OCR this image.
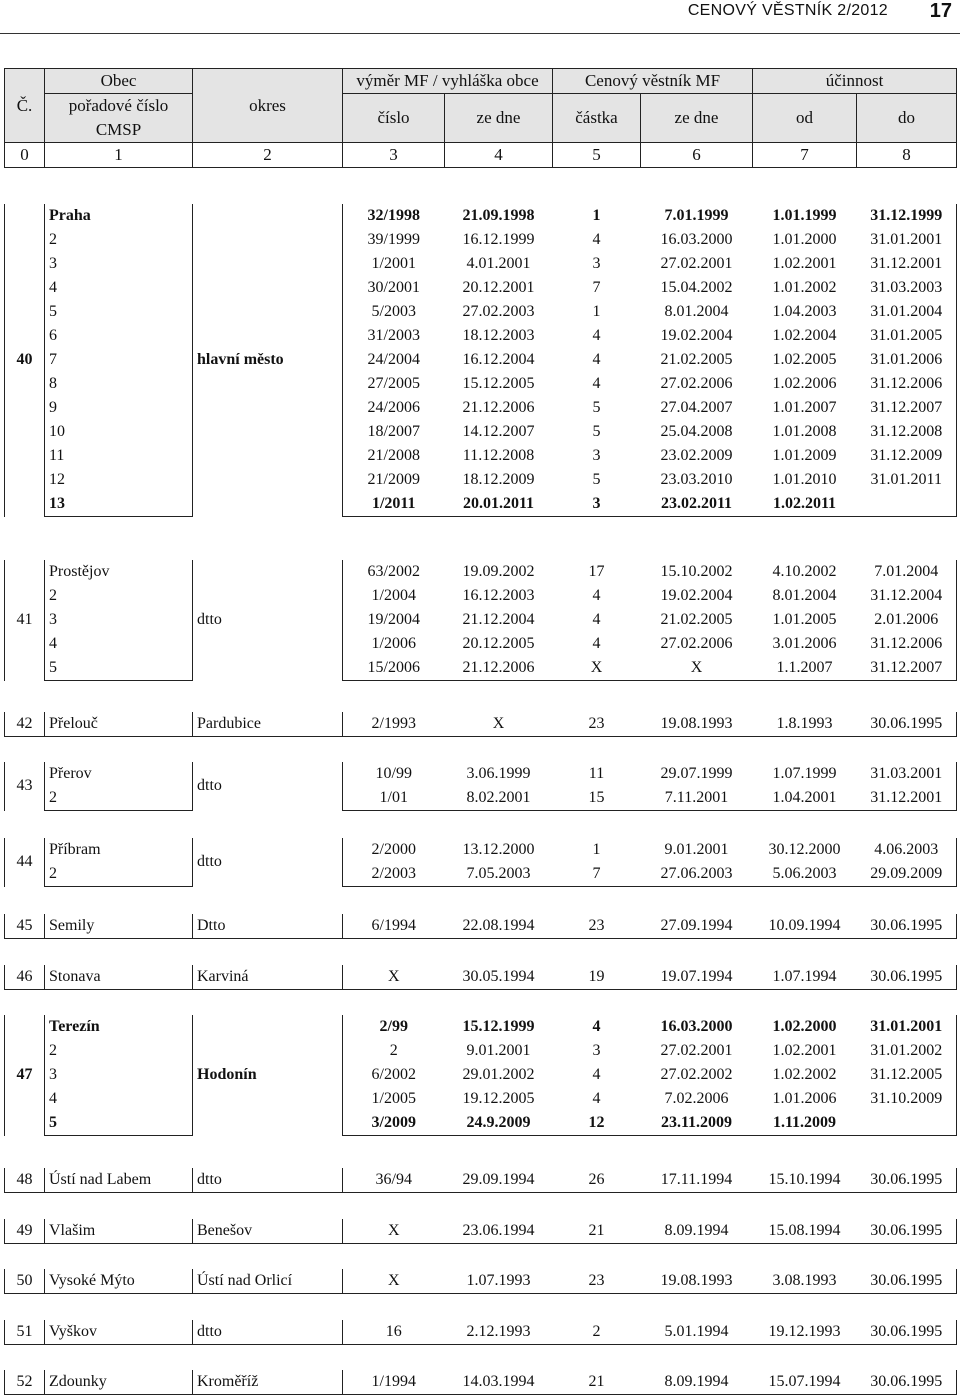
CENOVÝ VĚSTNÍK 2/2012 17
Č.	Obec	okres	výměr MF / vyhláška obce		Cenový věstník MF		účinnost	
	pořadové číslo		číslo	ze dne	částka	ze dne	od	do
	CMSP							
0	1	2	3	4	5	6	7	8
40	Praha	hlavní město	32/1998	21.09.1998	1	7.01.1999	1.01.1999	31.12.1999
	2		39/1999	16.12.1999	4	16.03.2000	1.01.2000	31.01.2001
	3		1/2001	4.01.2001	3	27.02.2001	1.02.2001	31.12.2001
	4		30/2001	20.12.2001	7	15.04.2002	1.01.2002	31.03.2003
	5		5/2003	27.02.2003	1	8.01.2004	1.04.2003	31.01.2004
	6		31/2003	18.12.2003	4	19.02.2004	1.02.2004	31.01.2005
	7		24/2004	16.12.2004	4	21.02.2005	1.02.2005	31.01.2006
	8		27/2005	15.12.2005	4	27.02.2006	1.02.2006	31.12.2006
	9		24/2006	21.12.2006	5	27.04.2007	1.01.2007	31.12.2007
	10		18/2007	14.12.2007	5	25.04.2008	1.01.2008	31.12.2008
	11		21/2008	11.12.2008	3	23.02.2009	1.01.2009	31.12.2009
	12		21/2009	18.12.2009	5	23.03.2010	1.01.2010	31.01.2011
	13		1/2011	20.01.2011	3	23.02.2011	1.02.2011	
41	Prostějov	dtto	63/2002	19.09.2002	17	15.10.2002	4.10.2002	7.01.2004
	2		1/2004	16.12.2003	4	19.02.2004	8.01.2004	31.12.2004
	3		19/2004	21.12.2004	4	21.02.2005	1.01.2005	2.01.2006
	4		1/2006	20.12.2005	4	27.02.2006	3.01.2006	31.12.2006
	5		15/2006	21.12.2006	X	X	1.1.2007	31.12.2007
42	Přelouč	Pardubice	2/1993	X	23	19.08.1993	1.8.1993	30.06.1995
43	Přerov	dtto	10/99	3.06.1999	11	29.07.1999	1.07.1999	31.03.2001
	2		1/01	8.02.2001	15	7.11.2001	1.04.2001	31.12.2001
44	Příbram	dtto	2/2000	13.12.2000	1	9.01.2001	30.12.2000	4.06.2003
	2		2/2003	7.05.2003	7	27.06.2003	5.06.2003	29.09.2009
45	Semily	Dtto	6/1994	22.08.1994	23	27.09.1994	10.09.1994	30.06.1995
46	Stonava	Karviná	X	30.05.1994	19	19.07.1994	1.07.1994	30.06.1995
47	Terezín	Hodonín	2/99	15.12.1999	4	16.03.2000	1.02.2000	31.01.2001
	2		2	9.01.2001	3	27.02.2001	1.02.2001	31.01.2002
	3		6/2002	29.01.2002	4	27.02.2002	1.02.2002	31.12.2005
	4		1/2005	19.12.2005	4	7.02.2006	1.01.2006	31.10.2009
	5		3/2009	24.9.2009	12	23.11.2009	1.11.2009	
48	Ústí nad Labem	dtto	36/94	29.09.1994	26	17.11.1994	15.10.1994	30.06.1995
49	Vlašim	Benešov	X	23.06.1994	21	8.09.1994	15.08.1994	30.06.1995
50	Vysoké Mýto	Ústí nad Orlicí	X	1.07.1993	23	19.08.1993	3.08.1993	30.06.1995
51	Vyškov	dtto	16	2.12.1993	2	5.01.1994	19.12.1993	30.06.1995
52	Zdounky	Kroměříž	1/1994	14.03.1994	21	8.09.1994	15.07.1994	30.06.1995
